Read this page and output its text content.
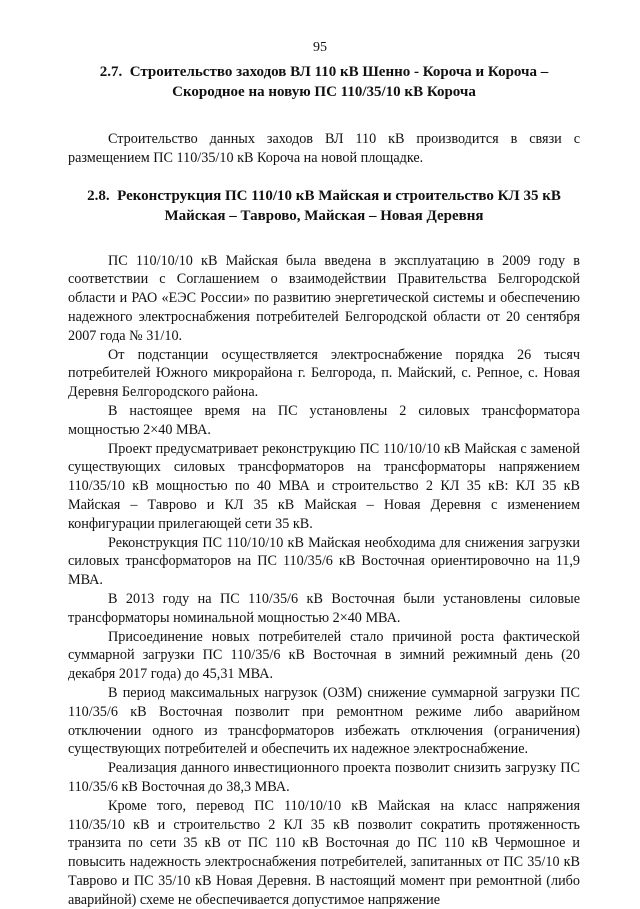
95
2.7. Строительство заходов ВЛ 110 кВ Шенно - Короча и Короча –
Скородное на новую ПС 110/35/10 кВ Короча

Строительство данных заходов ВЛ 110 кВ производится в связи с размещением ПС 110/35/10 кВ Короча на новой площадке.

2.8. Реконструкция ПС 110/10 кВ Майская и строительство КЛ 35 кВ
Майская – Таврово, Майская – Новая Деревня

ПС 110/10/10 кВ Майская была введена в эксплуатацию в 2009 году в соответствии с Соглашением о взаимодействии Правительства Белгородской области и РАО «ЕЭС России» по развитию энергетической системы и обеспечению надежного электроснабжения потребителей Белгородской области от 20 сентября 2007 года № 31/10.

От подстанции осуществляется электроснабжение порядка 26 тысяч потребителей Южного микрорайона г. Белгорода, п. Майский, с. Репное, с. Новая Деревня Белгородского района.

В настоящее время на ПС установлены 2 силовых трансформатора мощностью 2×40 МВА.

Проект предусматривает реконструкцию ПС 110/10/10 кВ Майская с заменой существующих силовых трансформаторов на трансформаторы напряжением 110/35/10 кВ мощностью по 40 МВА и строительство 2 КЛ 35 кВ: КЛ 35 кВ Майская – Таврово и КЛ 35 кВ Майская – Новая Деревня с изменением конфигурации прилегающей сети 35 кВ.

Реконструкция ПС 110/10/10 кВ Майская необходима для снижения загрузки силовых трансформаторов на ПС 110/35/6 кВ Восточная ориентировочно на 11,9 МВА.

В 2013 году на ПС 110/35/6 кВ Восточная были установлены силовые трансформаторы номинальной мощностью 2×40 МВА.

Присоединение новых потребителей стало причиной роста фактической суммарной загрузки ПС 110/35/6 кВ Восточная в зимний режимный день (20 декабря 2017 года) до 45,31 МВА.

В период максимальных нагрузок (ОЗМ) снижение суммарной загрузки ПС 110/35/6 кВ Восточная позволит при ремонтном режиме либо аварийном отключении одного из трансформаторов избежать отключения (ограничения) существующих потребителей и обеспечить их надежное электроснабжение.

Реализация данного инвестиционного проекта позволит снизить загрузку ПС 110/35/6 кВ Восточная до 38,3 МВА.

Кроме того, перевод ПС 110/10/10 кВ Майская на класс напряжения 110/35/10 кВ и строительство 2 КЛ 35 кВ позволит сократить протяженность транзита по сети 35 кВ от ПС 110 кВ Восточная до ПС 110 кВ Чермошное и повысить надежность электроснабжения потребителей, запитанных от ПС 35/10 кВ Таврово и ПС 35/10 кВ Новая Деревня. В настоящий момент при ремонтной (либо аварийной) схеме не обеспечивается допустимое напряжение
